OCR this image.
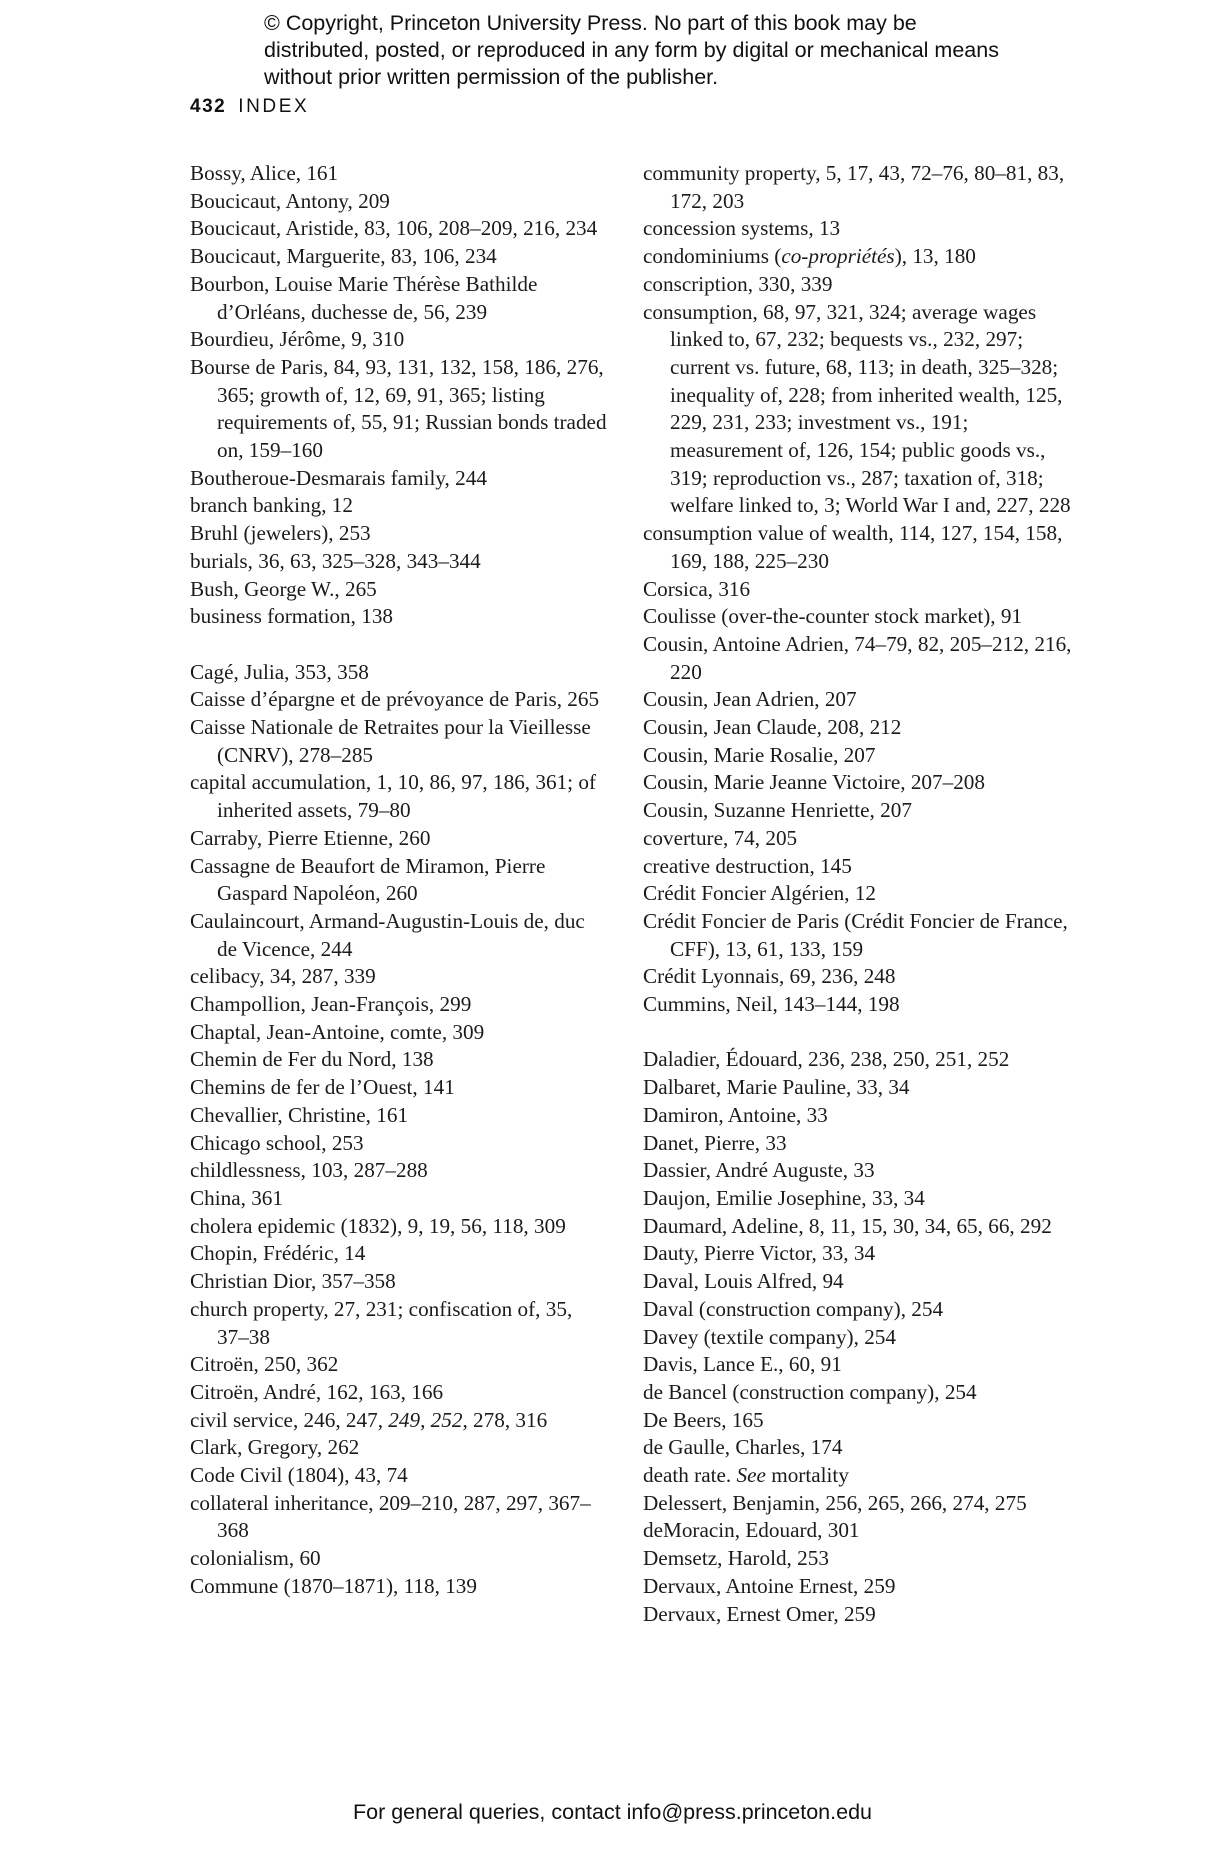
© Copyright, Princeton University Press. No part of this book may be distributed, posted, or reproduced in any form by digital or mechanical means without prior written permission of the publisher.
432 INDEX
Bossy, Alice, 161
Boucicaut, Antony, 209
Boucicaut, Aristide, 83, 106, 208–209, 216, 234
Boucicaut, Marguerite, 83, 106, 234
Bourbon, Louise Marie Thérèse Bathilde d’Orléans, duchesse de, 56, 239
Bourdieu, Jérôme, 9, 310
Bourse de Paris, 84, 93, 131, 132, 158, 186, 276, 365; growth of, 12, 69, 91, 365; listing requirements of, 55, 91; Russian bonds traded on, 159–160
Boutheroue-Desmarais family, 244
branch banking, 12
Bruhl (jewelers), 253
burials, 36, 63, 325–328, 343–344
Bush, George W., 265
business formation, 138
Cagé, Julia, 353, 358
Caisse d’épargne et de prévoyance de Paris, 265
Caisse Nationale de Retraites pour la Vieillesse (CNRV), 278–285
capital accumulation, 1, 10, 86, 97, 186, 361; of inherited assets, 79–80
Carraby, Pierre Etienne, 260
Cassagne de Beaufort de Miramon, Pierre Gaspard Napoléon, 260
Caulaincourt, Armand-Augustin-Louis de, duc de Vicence, 244
celibacy, 34, 287, 339
Champollion, Jean-François, 299
Chaptal, Jean-Antoine, comte, 309
Chemin de Fer du Nord, 138
Chemins de fer de l’Ouest, 141
Chevallier, Christine, 161
Chicago school, 253
childlessness, 103, 287–288
China, 361
cholera epidemic (1832), 9, 19, 56, 118, 309
Chopin, Frédéric, 14
Christian Dior, 357–358
church property, 27, 231; confiscation of, 35, 37–38
Citroën, 250, 362
Citroën, André, 162, 163, 166
civil service, 246, 247, 249, 252, 278, 316
Clark, Gregory, 262
Code Civil (1804), 43, 74
collateral inheritance, 209–210, 287, 297, 367–368
colonialism, 60
Commune (1870–1871), 118, 139
community property, 5, 17, 43, 72–76, 80–81, 83, 172, 203
concession systems, 13
condominiums (co-propriétés), 13, 180
conscription, 330, 339
consumption, 68, 97, 321, 324; average wages linked to, 67, 232; bequests vs., 232, 297; current vs. future, 68, 113; in death, 325–328; inequality of, 228; from inherited wealth, 125, 229, 231, 233; investment vs., 191; measurement of, 126, 154; public goods vs., 319; reproduction vs., 287; taxation of, 318; welfare linked to, 3; World War I and, 227, 228
consumption value of wealth, 114, 127, 154, 158, 169, 188, 225–230
Corsica, 316
Coulisse (over-the-counter stock market), 91
Cousin, Antoine Adrien, 74–79, 82, 205–212, 216, 220
Cousin, Jean Adrien, 207
Cousin, Jean Claude, 208, 212
Cousin, Marie Rosalie, 207
Cousin, Marie Jeanne Victoire, 207–208
Cousin, Suzanne Henriette, 207
coverture, 74, 205
creative destruction, 145
Crédit Foncier Algérien, 12
Crédit Foncier de Paris (Crédit Foncier de France, CFF), 13, 61, 133, 159
Crédit Lyonnais, 69, 236, 248
Cummins, Neil, 143–144, 198
Daladier, Édouard, 236, 238, 250, 251, 252
Dalbaret, Marie Pauline, 33, 34
Damiron, Antoine, 33
Danet, Pierre, 33
Dassier, André Auguste, 33
Daujon, Emilie Josephine, 33, 34
Daumard, Adeline, 8, 11, 15, 30, 34, 65, 66, 292
Dauty, Pierre Victor, 33, 34
Daval, Louis Alfred, 94
Daval (construction company), 254
Davey (textile company), 254
Davis, Lance E., 60, 91
de Bancel (construction company), 254
De Beers, 165
de Gaulle, Charles, 174
death rate. See mortality
Delessert, Benjamin, 256, 265, 266, 274, 275
deMoracin, Edouard, 301
Demsetz, Harold, 253
Dervaux, Antoine Ernest, 259
Dervaux, Ernest Omer, 259
For general queries, contact info@press.princeton.edu
